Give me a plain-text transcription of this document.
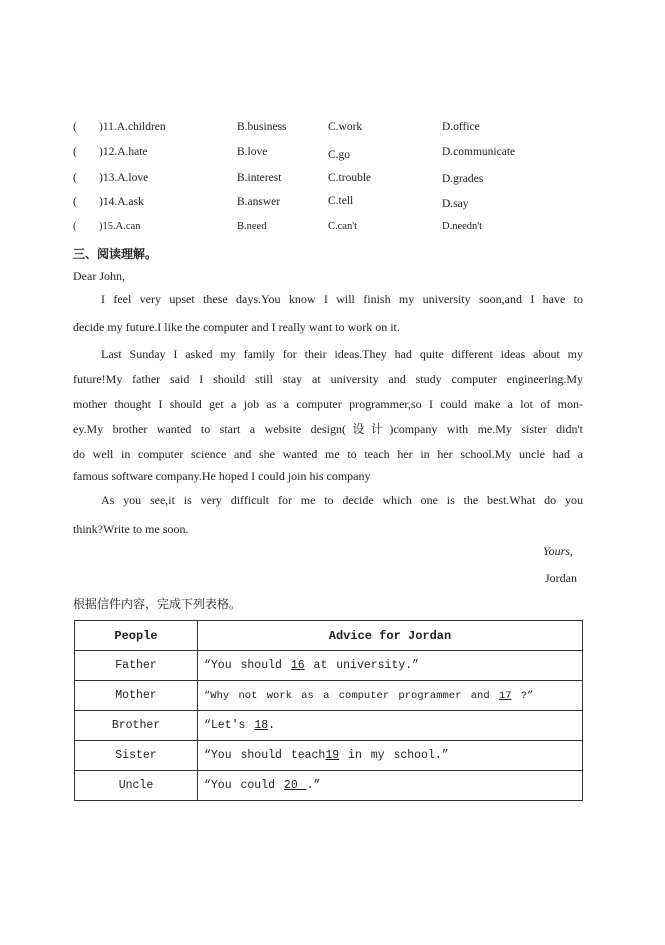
( )11.A.children	B.business	C.work	D.office
( )12.A.hate	B.love	C.go	D.communicate
( )13.A.love	B.interest	C.trouble	D.grades
( )14.A.ask	B.answer	C.tell	D.say
( )15.A.can	B.need	C.can't	D.needn't
三、阅读理解。
Dear John,

I feel very upset these days.You know I will finish my university soon,and I have to

decide my future.I like the computer and I really want to work on it.

Last Sunday I asked my family for their ideas.They had quite different ideas about my

future!My father said I should still stay at university and study computer engineering.My

mother thought I should get a job as a computer programmer,so I could make a lot of mon-

ey.My brother wanted to start a website design(设计)company with me.My sister didn't

do well in computer science and she wanted me to teach her in her school.My uncle had a

famous software company.He hoped I could join his company

As you see,it is very difficult for me to decide which one is the best.What do you

think?Write to me soon.

Yours,
Jordan
根据信件内容，完成下列表格。
People	Advice for Jordan
Father	“You should 16 at university.”
Mother	“Why not work as a computer programmer and 17 ?”
Brother	“Let's 18.
Sister	“You should teach19 in my school.”
Uncle	“You could 20 .”
